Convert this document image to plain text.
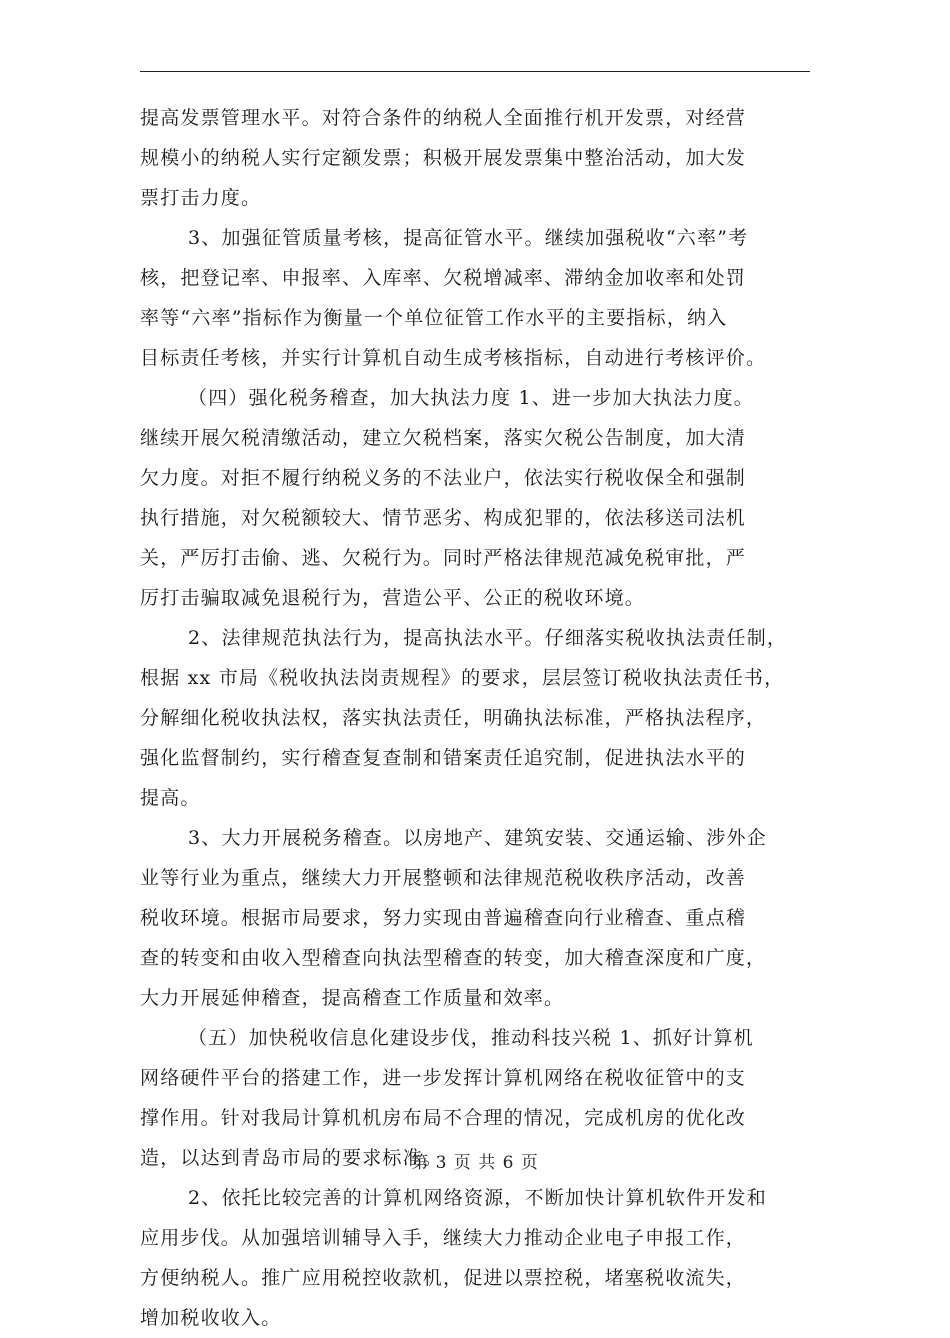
提高发票管理水平。对符合条件的纳税人全面推行机开发票，对经营
规模小的纳税人实行定额发票；积极开展发票集中整治活动，加大发
票打击力度。
3、加强征管质量考核，提高征管水平。继续加强税收“六率”考
核，把登记率、申报率、入库率、欠税增减率、滞纳金加收率和处罚
率等“六率”指标作为衡量一个单位征管工作水平的主要指标，纳入
目标责任考核，并实行计算机自动生成考核指标，自动进行考核评价。
（四）强化税务稽查，加大执法力度 1、进一步加大执法力度。
继续开展欠税清缴活动，建立欠税档案，落实欠税公告制度，加大清
欠力度。对拒不履行纳税义务的不法业户，依法实行税收保全和强制
执行措施，对欠税额较大、情节恶劣、构成犯罪的，依法移送司法机
关，严厉打击偷、逃、欠税行为。同时严格法律规范减免税审批，严
厉打击骗取减免退税行为，营造公平、公正的税收环境。
2、法律规范执法行为，提高执法水平。仔细落实税收执法责任制，
根据 xx 市局《税收执法岗责规程》的要求，层层签订税收执法责任书，
分解细化税收执法权，落实执法责任，明确执法标准，严格执法程序，
强化监督制约，实行稽查复查制和错案责任追究制，促进执法水平的
提高。
3、大力开展税务稽查。以房地产、建筑安装、交通运输、涉外企
业等行业为重点，继续大力开展整顿和法律规范税收秩序活动，改善
税收环境。根据市局要求，努力实现由普遍稽查向行业稽查、重点稽
查的转变和由收入型稽查向执法型稽查的转变，加大稽查深度和广度，
大力开展延伸稽查，提高稽查工作质量和效率。
（五）加快税收信息化建设步伐，推动科技兴税 1、抓好计算机
网络硬件平台的搭建工作，进一步发挥计算机网络在税收征管中的支
撑作用。针对我局计算机机房布局不合理的情况，完成机房的优化改
造，以达到青岛市局的要求标准。
2、依托比较完善的计算机网络资源，不断加快计算机软件开发和
应用步伐。从加强培训辅导入手，继续大力推动企业电子申报工作，
方便纳税人。推广应用税控收款机，促进以票控税，堵塞税收流失，
增加税收收入。
第 3 页 共 6 页
